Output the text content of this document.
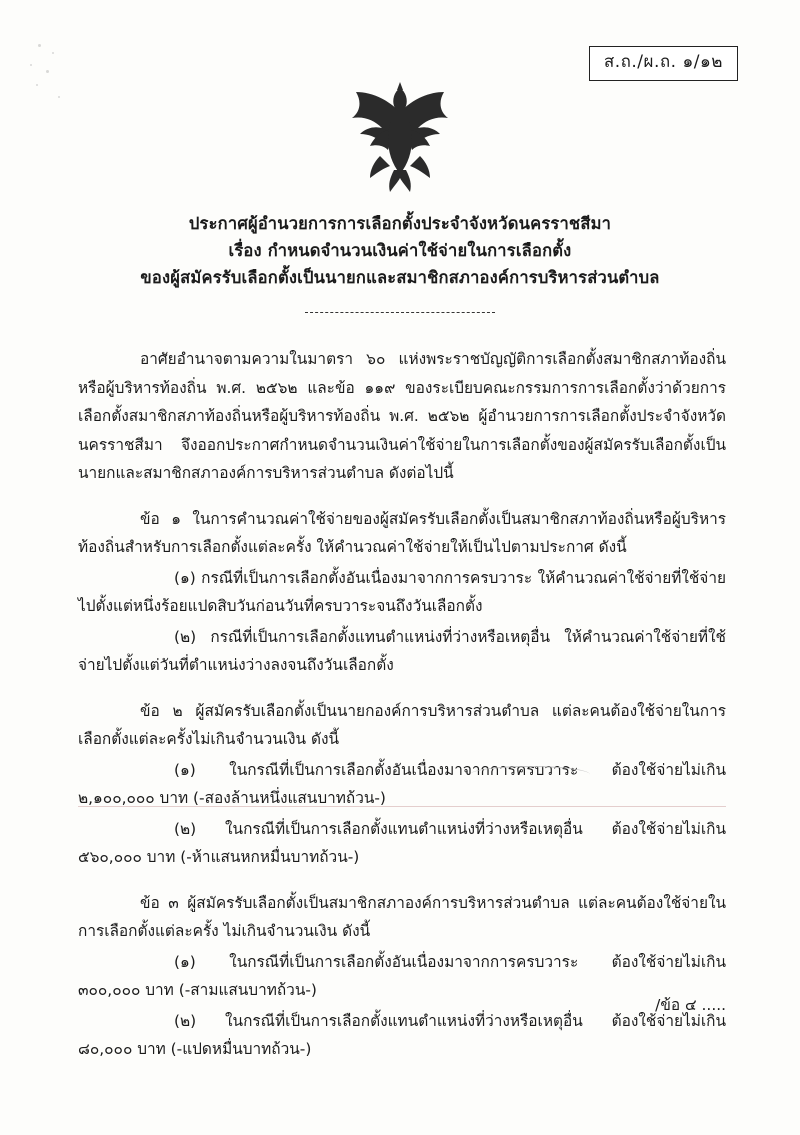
ส.ถ./ผ.ถ. ๑/๑๒
ประกาศผู้อำนวยการการเลือกตั้งประจำจังหวัดนครราชสีมา
เรื่อง กำหนดจำนวนเงินค่าใช้จ่ายในการเลือกตั้ง
ของผู้สมัครรับเลือกตั้งเป็นนายกและสมาชิกสภาองค์การบริหารส่วนตำบล

อาศัยอำนาจตามความในมาตรา ๖๐ แห่งพระราชบัญญัติการเลือกตั้งสมาชิกสภาท้องถิ่นหรือผู้บริหารท้องถิ่น พ.ศ. ๒๕๖๒ และข้อ ๑๑๙ ของระเบียบคณะกรรมการการเลือกตั้งว่าด้วยการเลือกตั้งสมาชิกสภาท้องถิ่นหรือผู้บริหารท้องถิ่น พ.ศ. ๒๕๖๒ ผู้อำนวยการการเลือกตั้งประจำจังหวัดนครราชสีมา จึงออกประกาศกำหนดจำนวนเงินค่าใช้จ่ายในการเลือกตั้งของผู้สมัครรับเลือกตั้งเป็นนายกและสมาชิกสภาองค์การบริหารส่วนตำบล ดังต่อไปนี้

ข้อ ๑ ในการคำนวณค่าใช้จ่ายของผู้สมัครรับเลือกตั้งเป็นสมาชิกสภาท้องถิ่นหรือผู้บริหารท้องถิ่นสำหรับการเลือกตั้งแต่ละครั้ง ให้คำนวณค่าใช้จ่ายให้เป็นไปตามประกาศ ดังนี้

(๑) กรณีที่เป็นการเลือกตั้งอันเนื่องมาจากการครบวาระ ให้คำนวณค่าใช้จ่ายที่ใช้จ่ายไปตั้งแต่หนึ่งร้อยแปดสิบวันก่อนวันที่ครบวาระจนถึงวันเลือกตั้ง

(๒) กรณีที่เป็นการเลือกตั้งแทนตำแหน่งที่ว่างหรือเหตุอื่น ให้คำนวณค่าใช้จ่ายที่ใช้จ่ายไปตั้งแต่วันที่ตำแหน่งว่างลงจนถึงวันเลือกตั้ง

ข้อ ๒ ผู้สมัครรับเลือกตั้งเป็นนายกองค์การบริหารส่วนตำบล แต่ละคนต้องใช้จ่ายในการเลือกตั้งแต่ละครั้งไม่เกินจำนวนเงิน ดังนี้

(๑) ในกรณีที่เป็นการเลือกตั้งอันเนื่องมาจากการครบวาระ ต้องใช้จ่ายไม่เกิน ๒,๑๐๐,๐๐๐ บาท (-สองล้านหนึ่งแสนบาทถ้วน-)

(๒) ในกรณีที่เป็นการเลือกตั้งแทนตำแหน่งที่ว่างหรือเหตุอื่น ต้องใช้จ่ายไม่เกิน ๕๖๐,๐๐๐ บาท (-ห้าแสนหกหมื่นบาทถ้วน-)

ข้อ ๓ ผู้สมัครรับเลือกตั้งเป็นสมาชิกสภาองค์การบริหารส่วนตำบล แต่ละคนต้องใช้จ่ายในการเลือกตั้งแต่ละครั้ง ไม่เกินจำนวนเงิน ดังนี้

(๑) ในกรณีที่เป็นการเลือกตั้งอันเนื่องมาจากการครบวาระ ต้องใช้จ่ายไม่เกิน ๓๐๐,๐๐๐ บาท (-สามแสนบาทถ้วน-)

(๒) ในกรณีที่เป็นการเลือกตั้งแทนตำแหน่งที่ว่างหรือเหตุอื่น ต้องใช้จ่ายไม่เกิน ๘๐,๐๐๐ บาท (-แปดหมื่นบาทถ้วน-)

/ข้อ ๔ .....
